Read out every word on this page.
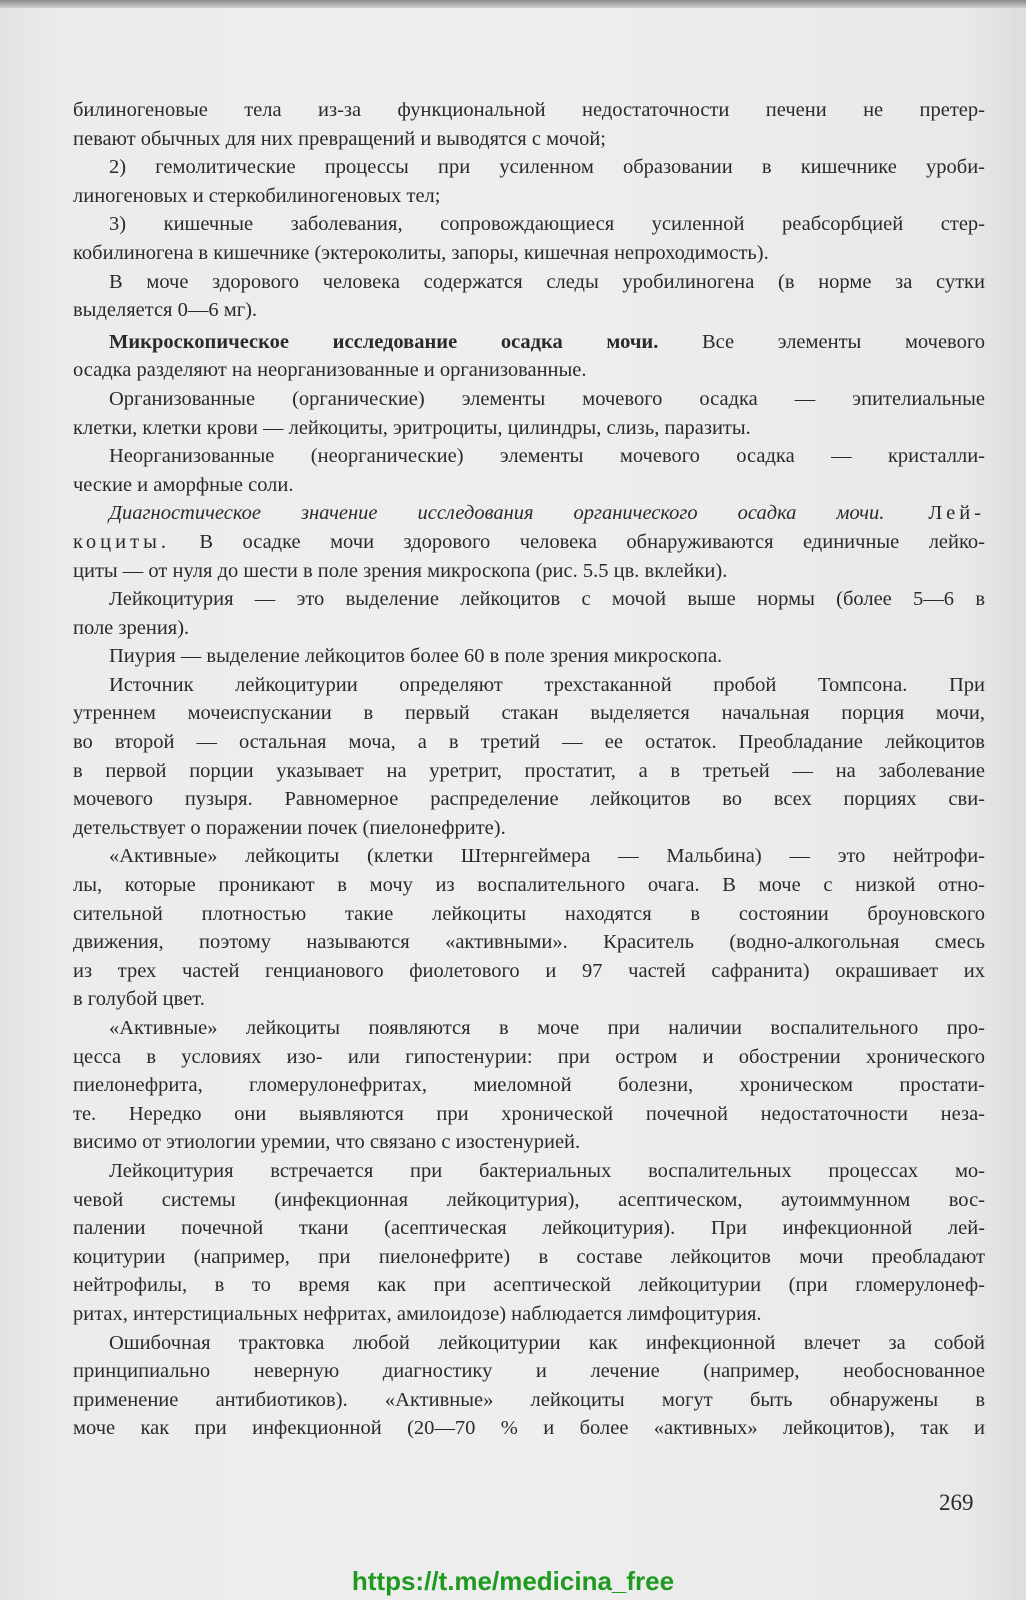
билиногеновые тела из-за функциональной недостаточности печени не претер-
певают обычных для них превращений и выводятся с мочой;
2) гемолитические процессы при усиленном образовании в кишечнике уроби-
линогеновых и стеркобилиногеновых тел;
3) кишечные заболевания, сопровождающиеся усиленной реабсорбцией стер-
кобилиногена в кишечнике (эктероколиты, запоры, кишечная непроходимость).
В моче здорового человека содержатся следы уробилиногена (в норме за сутки
выделяется 0—6 мг).
Микроскопическое исследование осадка мочи. Все элементы мочевого
осадка разделяют на неорганизованные и организованные.
Организованные (органические) элементы мочевого осадка — эпителиальные
клетки, клетки крови — лейкоциты, эритроциты, цилиндры, слизь, паразиты.
Неорганизованные (неорганические) элементы мочевого осадка — кристалли-
ческие и аморфные соли.
Диагностическое значение исследования органического осадка мочи. Лей-
коциты. В осадке мочи здорового человека обнаруживаются единичные лейко-
циты — от нуля до шести в поле зрения микроскопа (рис. 5.5 цв. вклейки).
Лейкоцитурия — это выделение лейкоцитов с мочой выше нормы (более 5—6 в
поле зрения).
Пиурия — выделение лейкоцитов более 60 в поле зрения микроскопа.
Источник лейкоцитурии определяют трехстаканной пробой Томпсона. При
утреннем мочеиспускании в первый стакан выделяется начальная порция мочи,
во второй — остальная моча, а в третий — ее остаток. Преобладание лейкоцитов
в первой порции указывает на уретрит, простатит, а в третьей — на заболевание
мочевого пузыря. Равномерное распределение лейкоцитов во всех порциях сви-
детельствует о поражении почек (пиелонефрите).
«Активные» лейкоциты (клетки Штернгеймера — Мальбина) — это нейтрофи-
лы, которые проникают в мочу из воспалительного очага. В моче с низкой отно-
сительной плотностью такие лейкоциты находятся в состоянии броуновского
движения, поэтому называются «активными». Краситель (водно-алкогольная смесь
из трех частей генцианового фиолетового и 97 частей сафранита) окрашивает их
в голубой цвет.
«Активные» лейкоциты появляются в моче при наличии воспалительного про-
цесса в условиях изо- или гипостенурии: при остром и обострении хронического
пиелонефрита, гломерулонефритах, миеломной болезни, хроническом простати-
те. Нередко они выявляются при хронической почечной недостаточности неза-
висимо от этиологии уремии, что связано с изостенурией.
Лейкоцитурия встречается при бактериальных воспалительных процессах мо-
чевой системы (инфекционная лейкоцитурия), асептическом, аутоиммунном вос-
палении почечной ткани (асептическая лейкоцитурия). При инфекционной лей-
коцитурии (например, при пиелонефрите) в составе лейкоцитов мочи преобладают
нейтрофилы, в то время как при асептической лейкоцитурии (при гломерулонеф-
ритах, интерстициальных нефритах, амилоидозе) наблюдается лимфоцитурия.
Ошибочная трактовка любой лейкоцитурии как инфекционной влечет за собой
принципиально неверную диагностику и лечение (например, необоснованное
применение антибиотиков). «Активные» лейкоциты могут быть обнаружены в
моче как при инфекционной (20—70 % и более «активных» лейкоцитов), так и
269
https://t.me/medicina_free
